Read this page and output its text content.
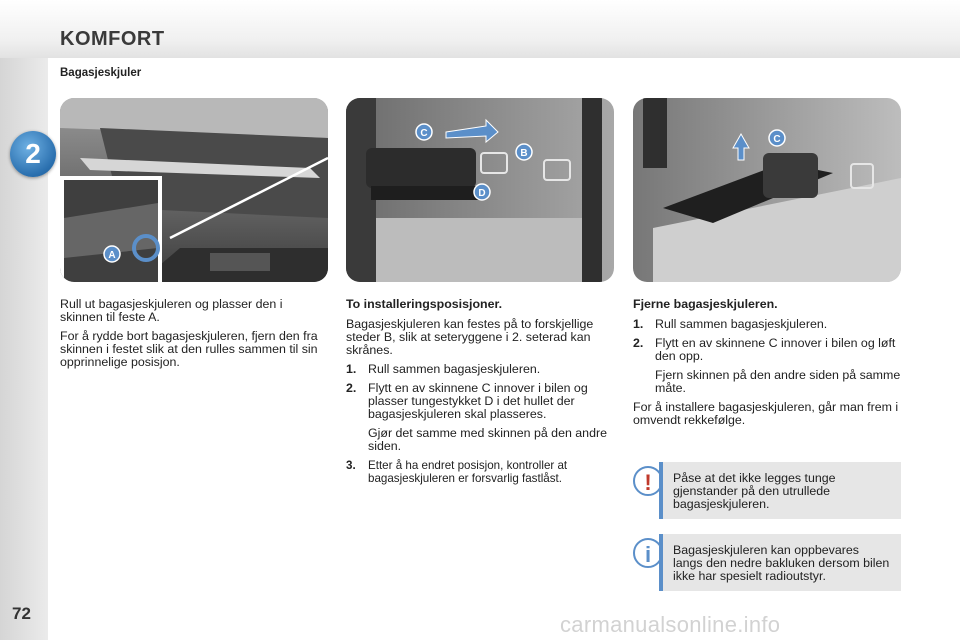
KOMFORT
2
Bagasjeskjuler
A
C
B
D
C

Rull ut bagasjeskjuleren og plasser den i skinnen til feste A.

For å rydde bort bagasjeskjuleren, fjern den fra skinnen i festet slik at den rulles sammen til sin opprinnelige posisjon.

To installeringsposisjoner.

Bagasjeskjuleren kan festes på to forskjellige steder B, slik at seteryggene i 2. seterad kan skrånes.

1. Rull sammen bagasjeskjuleren.
2. Flytt en av skinnene C innover i bilen og plasser tungestykket D i det hullet der bagasjeskjuleren skal plasseres.
Gjør det samme med skinnen på den andre siden.
3.	Etter å ha endret posisjon, kontroller at bagasjeskjuleren er forsvarlig fastlåst.
Fjerne bagasjeskjuleren.
1. Rull sammen bagasjeskjuleren.
2. Flytt en av skinnene C innover i bilen og løft den opp.
Fjern skinnen på den andre siden på samme måte.

For å installere bagasjeskjuleren, går man frem i omvendt rekkefølge.

!	Påse at det ikke legges tunge gjenstander på den utrullede bagasjeskjuleren.
i	Bagasjeskjuleren kan oppbevares langs den nedre bakluken dersom bilen ikke har spesielt radioutstyr.
72	carmanualsonline.info
